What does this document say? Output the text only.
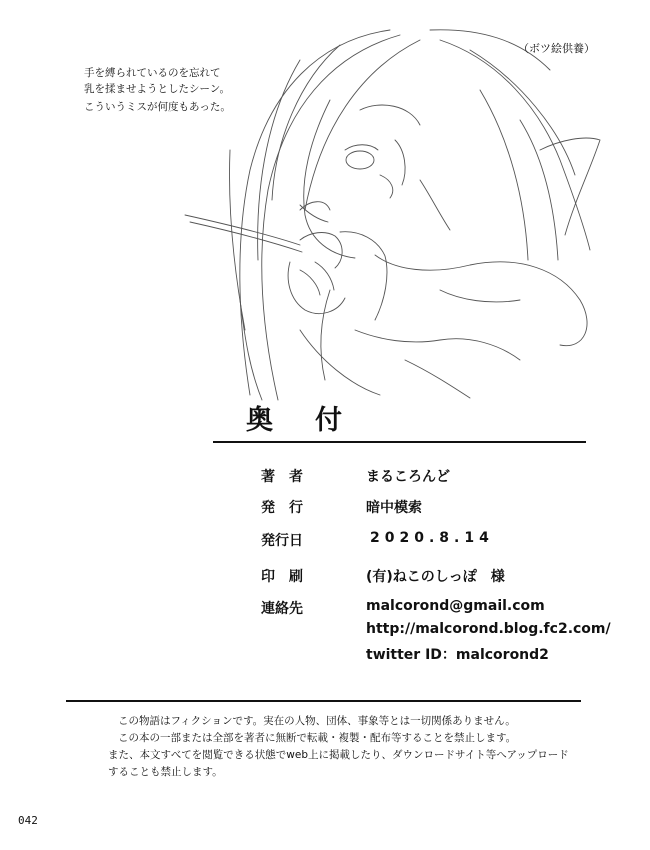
（ボツ絵供養）
手を縛られているのを忘れて
乳を揉ませようとしたシーン。
こういうミスが何度もあった。
奥付
著者	まるころんど
発行	暗中模索
発行日	2020.8.14
印刷	(有)ねこのしっぽ　様
連絡先	malcorond@gmail.com
http://malcorond.blog.fc2.com/
twitter ID：malcorond2
この物語はフィクションです。実在の人物、団体、事象等とは一切関係ありません。
この本の一部または全部を著者に無断で転載・複製・配布等することを禁止します。
また、本文すべてを閲覧できる状態でweb上に掲載したり、ダウンロードサイト等へアップロード
することも禁止します。
042
